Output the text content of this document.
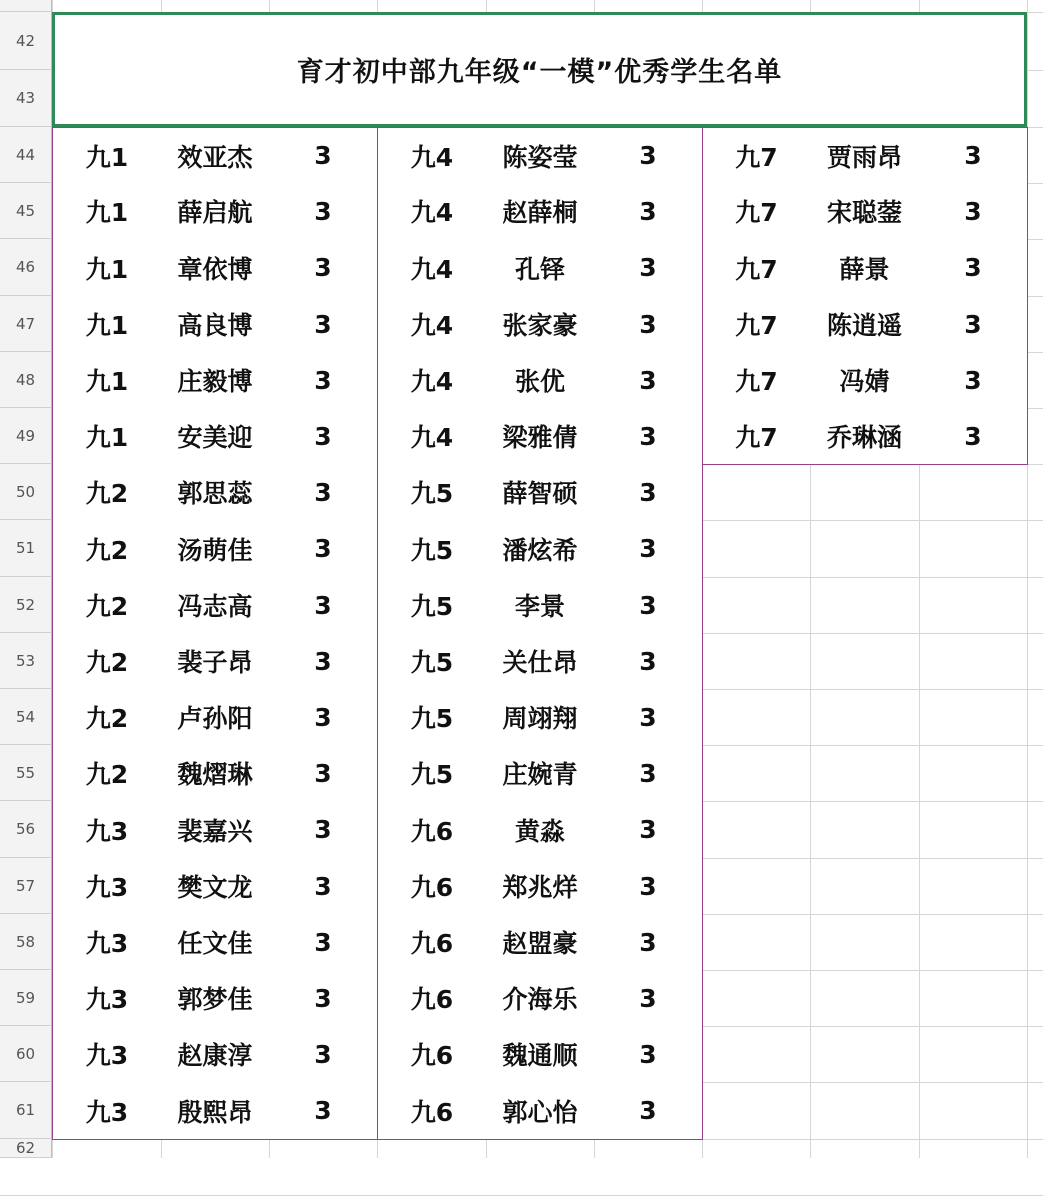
育才初中部九年级“一模”优秀学生名单
42
43
44
45
46
47
48
49
50
51
52
53
54
55
56
57
58
59
60
61
62
九1	效亚杰	3
九1	薛启航	3
九1	章依博	3
九1	高良博	3
九1	庄毅博	3
九1	安美迎	3
九2	郭思蕊	3
九2	汤萌佳	3
九2	冯志高	3
九2	裴子昂	3
九2	卢孙阳	3
九2	魏熠琳	3
九3	裴嘉兴	3
九3	樊文龙	3
九3	任文佳	3
九3	郭梦佳	3
九3	赵康淳	3
九3	殷熙昂	3
九4	陈姿莹	3
九4	赵薛桐	3
九4	孔铎	3
九4	张家豪	3
九4	张优	3
九4	梁雅倩	3
九5	薛智硕	3
九5	潘炫希	3
九5	李景	3
九5	关仕昂	3
九5	周翊翔	3
九5	庄婉青	3
九6	黄淼	3
九6	郑兆烊	3
九6	赵盟豪	3
九6	介海乐	3
九6	魏通顺	3
九6	郭心怡	3
九7	贾雨昂	3
九7	宋聪蓥	3
九7	薛景	3
九7	陈逍遥	3
九7	冯婧	3
九7	乔琳涵	3
